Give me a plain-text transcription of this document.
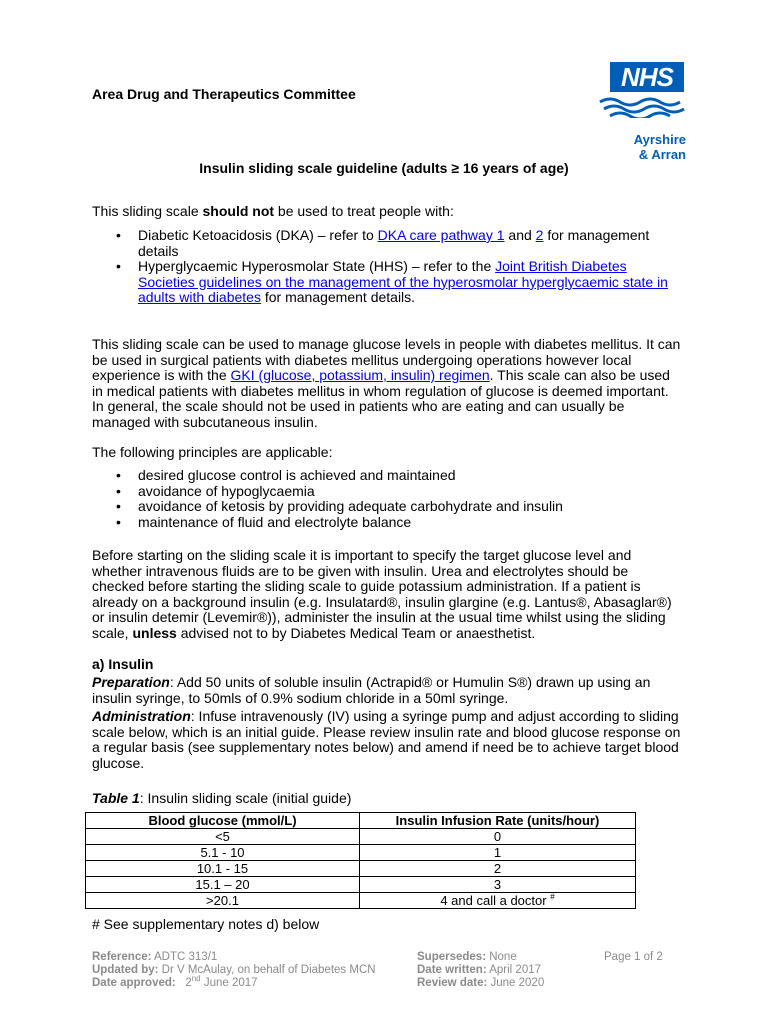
Area Drug and Therapeutics Committee
NHS
Ayrshire
& Arran
Insulin sliding scale guideline (adults ≥ 16 years of age)

This sliding scale should not be used to treat people with:

• Diabetic Ketoacidosis (DKA) – refer to DKA care pathway 1 and 2 for management details
• Hyperglycaemic Hyperosmolar State (HHS) – refer to the Joint British Diabetes Societies guidelines on the management of the hyperosmolar hyperglycaemic state in adults with diabetes for management details.

This sliding scale can be used to manage glucose levels in people with diabetes mellitus. It can be used in surgical patients with diabetes mellitus undergoing operations however local experience is with the GKI (glucose, potassium, insulin) regimen. This scale can also be used in medical patients with diabetes mellitus in whom regulation of glucose is deemed important. In general, the scale should not be used in patients who are eating and can usually be managed with subcutaneous insulin.

The following principles are applicable:

• desired glucose control is achieved and maintained
• avoidance of hypoglycaemia
• avoidance of ketosis by providing adequate carbohydrate and insulin
• maintenance of fluid and electrolyte balance

Before starting on the sliding scale it is important to specify the target glucose level and whether intravenous fluids are to be given with insulin. Urea and electrolytes should be checked before starting the sliding scale to guide potassium administration. If a patient is already on a background insulin (e.g. Insulatard®, insulin glargine (e.g. Lantus®, Abasaglar®) or insulin detemir (Levemir®)), administer the insulin at the usual time whilst using the sliding scale, unless advised not to by Diabetes Medical Team or anaesthetist.

a) Insulin

Preparation: Add 50 units of soluble insulin (Actrapid® or Humulin S®) drawn up using an insulin syringe, to 50mls of 0.9% sodium chloride in a 50ml syringe.

Administration: Infuse intravenously (IV) using a syringe pump and adjust according to sliding scale below, which is an initial guide. Please review insulin rate and blood glucose response on a regular basis (see supplementary notes below) and amend if need be to achieve target blood glucose.

Table 1: Insulin sliding scale (initial guide)
Blood glucose (mmol/L)	Insulin Infusion Rate (units/hour)
<5	0
5.1 - 10	1
10.1 - 15	2
15.1 – 20	3
>20.1	4 and call a doctor #
# See supplementary notes d) below
Reference: ADTC 313/1
Updated by: Dr V McAulay, on behalf of Diabetes MCN
Date approved: 2nd June 2017
Supersedes: None
Date written: April 2017
Review date: June 2020
Page 1 of 2
